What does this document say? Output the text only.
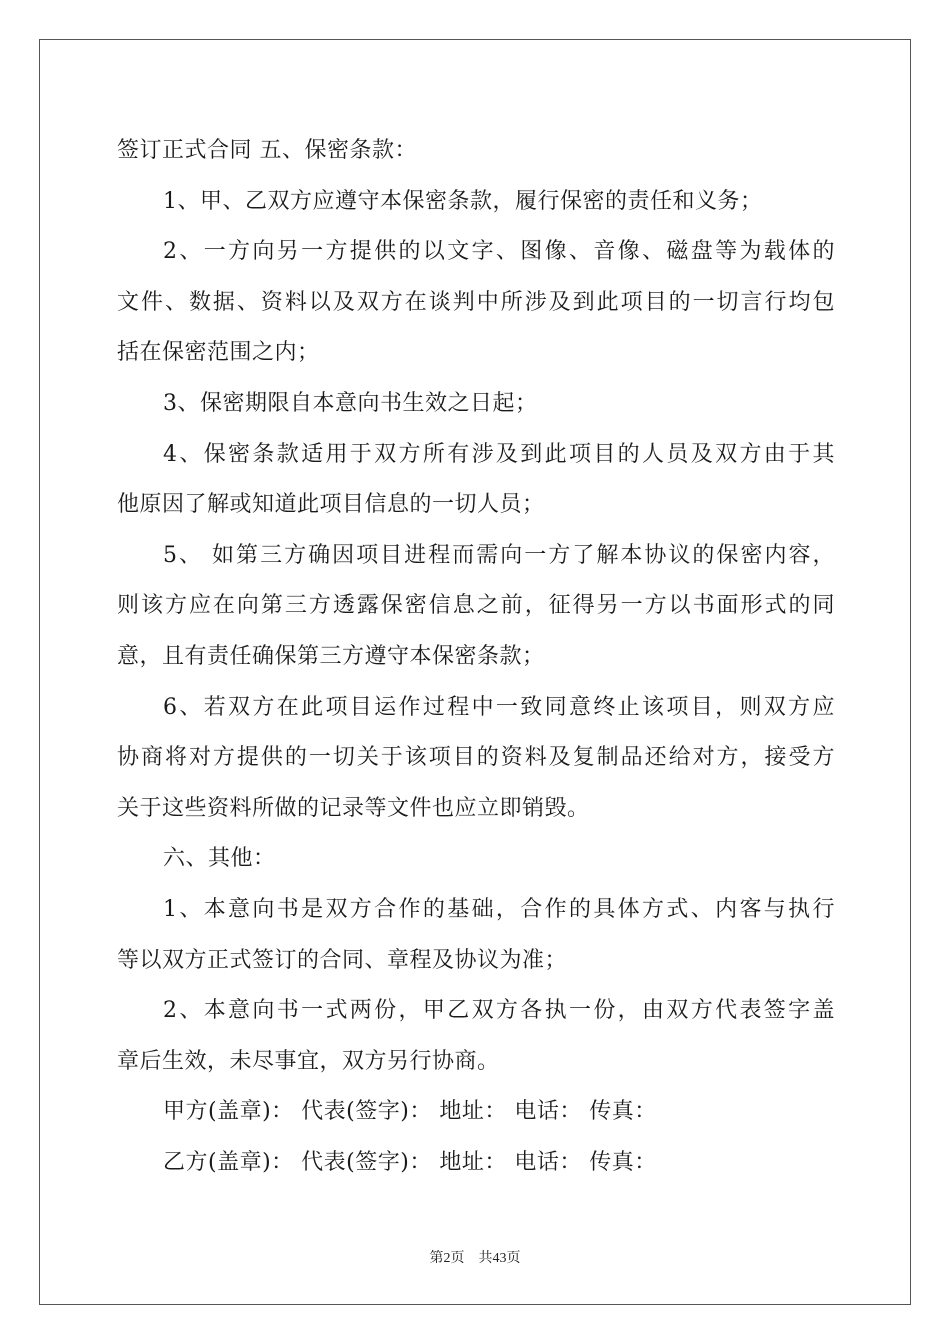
签订正式合同 五、保密条款：
1、甲、乙双方应遵守本保密条款，履行保密的责任和义务；
2、一方向另一方提供的以文字、图像、音像、磁盘等为载体的
文件、数据、资料以及双方在谈判中所涉及到此项目的一切言行均包
括在保密范围之内；
3、保密期限自本意向书生效之日起；
4、保密条款适用于双方所有涉及到此项目的人员及双方由于其
他原因了解或知道此项目信息的一切人员；
5、 如第三方确因项目进程而需向一方了解本协议的保密内容，
则该方应在向第三方透露保密信息之前，征得另一方以书面形式的同
意，且有责任确保第三方遵守本保密条款；
6、若双方在此项目运作过程中一致同意终止该项目，则双方应
协商将对方提供的一切关于该项目的资料及复制品还给对方，接受方
关于这些资料所做的记录等文件也应立即销毁。
六、其他：
1、本意向书是双方合作的基础，合作的具体方式、内客与执行
等以双方正式签订的合同、章程及协议为准；
2、本意向书一式两份，甲乙双方各执一份，由双方代表签字盖
章后生效，未尽事宜，双方另行协商。
甲方(盖章)： 代表(签字)： 地址： 电话： 传真：
乙方(盖章)： 代表(签字)： 地址： 电话： 传真：
第2页　共43页
